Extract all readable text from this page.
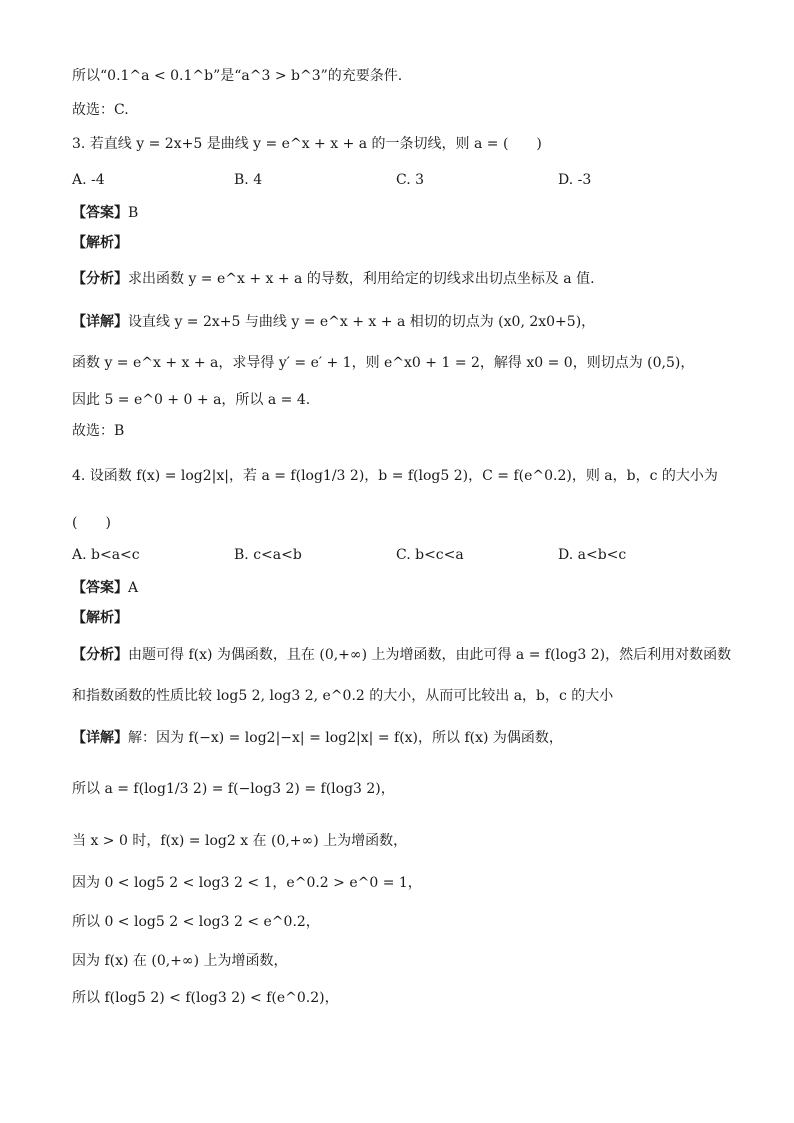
所以“0.1^a < 0.1^b”是“a^3 > b^3”的充要条件.
故选：C.
3. 若直线 y = 2x+5 是曲线 y = e^x + x + a 的一条切线，则 a = (　　)
A. -4	B. 4	C. 3	D. -3
【答案】B
【解析】
【分析】求出函数 y = e^x + x + a 的导数，利用给定的切线求出切点坐标及 a 值.
【详解】设直线 y = 2x+5 与曲线 y = e^x + x + a 相切的切点为 (x0, 2x0+5)，
函数 y = e^x + x + a，求导得 y′ = e′ + 1，则 e^x0 + 1 = 2，解得 x0 = 0，则切点为 (0,5)，
因此 5 = e^0 + 0 + a，所以 a = 4.
故选：B
4. 设函数 f(x) = log2|x|，若 a = f(log1/3 2)，b = f(log5 2)，C = f(e^0.2)，则 a，b，c 的大小为
(　　)
A. b<a<c	B. c<a<b	C. b<c<a	D. a<b<c
【答案】A
【解析】
【分析】由题可得 f(x) 为偶函数，且在 (0,+∞) 上为增函数，由此可得 a = f(log3 2)，然后利用对数函数
和指数函数的性质比较 log5 2, log3 2, e^0.2 的大小，从而可比较出 a，b，c 的大小
【详解】解：因为 f(−x) = log2|−x| = log2|x| = f(x)，所以 f(x) 为偶函数，
所以 a = f(log1/3 2) = f(−log3 2) = f(log3 2)，
当 x > 0 时，f(x) = log2 x 在 (0,+∞) 上为增函数，
因为 0 < log5 2 < log3 2 < 1，e^0.2 > e^0 = 1，
所以 0 < log5 2 < log3 2 < e^0.2，
因为 f(x) 在 (0,+∞) 上为增函数，
所以 f(log5 2) < f(log3 2) < f(e^0.2)，
